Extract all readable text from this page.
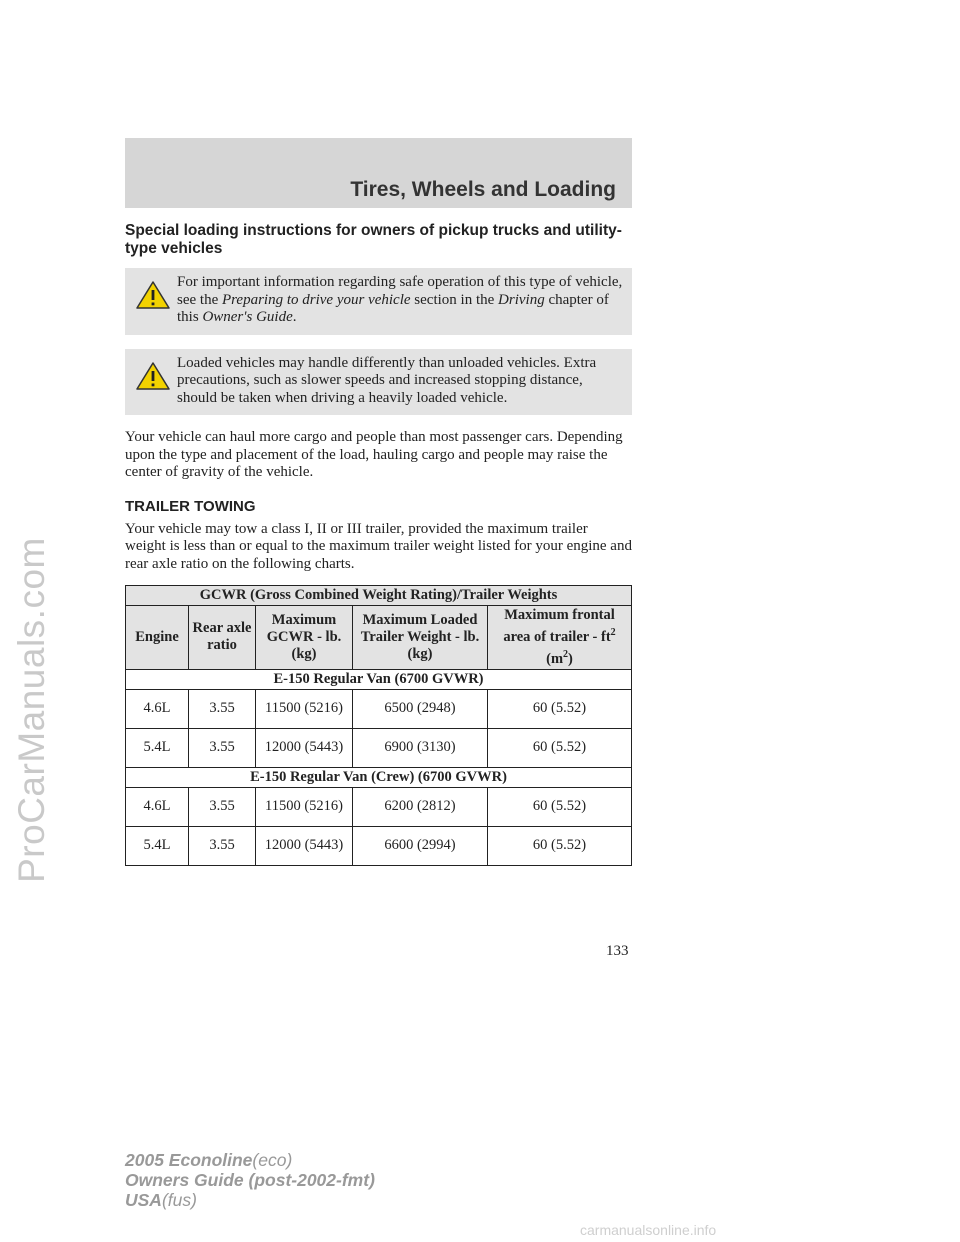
ProCarManuals.com
Tires, Wheels and Loading
Special loading instructions for owners of pickup trucks and utility-type vehicles
For important information regarding safe operation of this type of vehicle, see the Preparing to drive your vehicle section in the Driving chapter of this Owner's Guide.
Loaded vehicles may handle differently than unloaded vehicles. Extra precautions, such as slower speeds and increased stopping distance, should be taken when driving a heavily loaded vehicle.

Your vehicle can haul more cargo and people than most passenger cars. Depending upon the type and placement of the load, hauling cargo and people may raise the center of gravity of the vehicle.

TRAILER TOWING

Your vehicle may tow a class I, II or III trailer, provided the maximum trailer weight is less than or equal to the maximum trailer weight listed for your engine and rear axle ratio on the following charts.

GCWR (Gross Combined Weight Rating)/Trailer Weights				
Engine	Rear axle ratio	Maximum GCWR - lb. (kg)	Maximum Loaded Trailer Weight - lb. (kg)	Maximum frontal area of trailer - $ft^2$ $(m^2)$
E-150 Regular Van (6700 GVWR)				
4.6L	3.55	11500 (5216)	6500 (2948)	60 (5.52)
5.4L	3.55	12000 (5443)	6900 (3130)	60 (5.52)
E-150 Regular Van (Crew) (6700 GVWR)				
4.6L	3.55	11500 (5216)	6200 (2812)	60 (5.52)
5.4L	3.55	12000 (5443)	6600 (2994)	60 (5.52)
133
2005 Econoline(eco)
Owners Guide (post-2002-fmt)
USA(fus)
carmanualsonline.info
